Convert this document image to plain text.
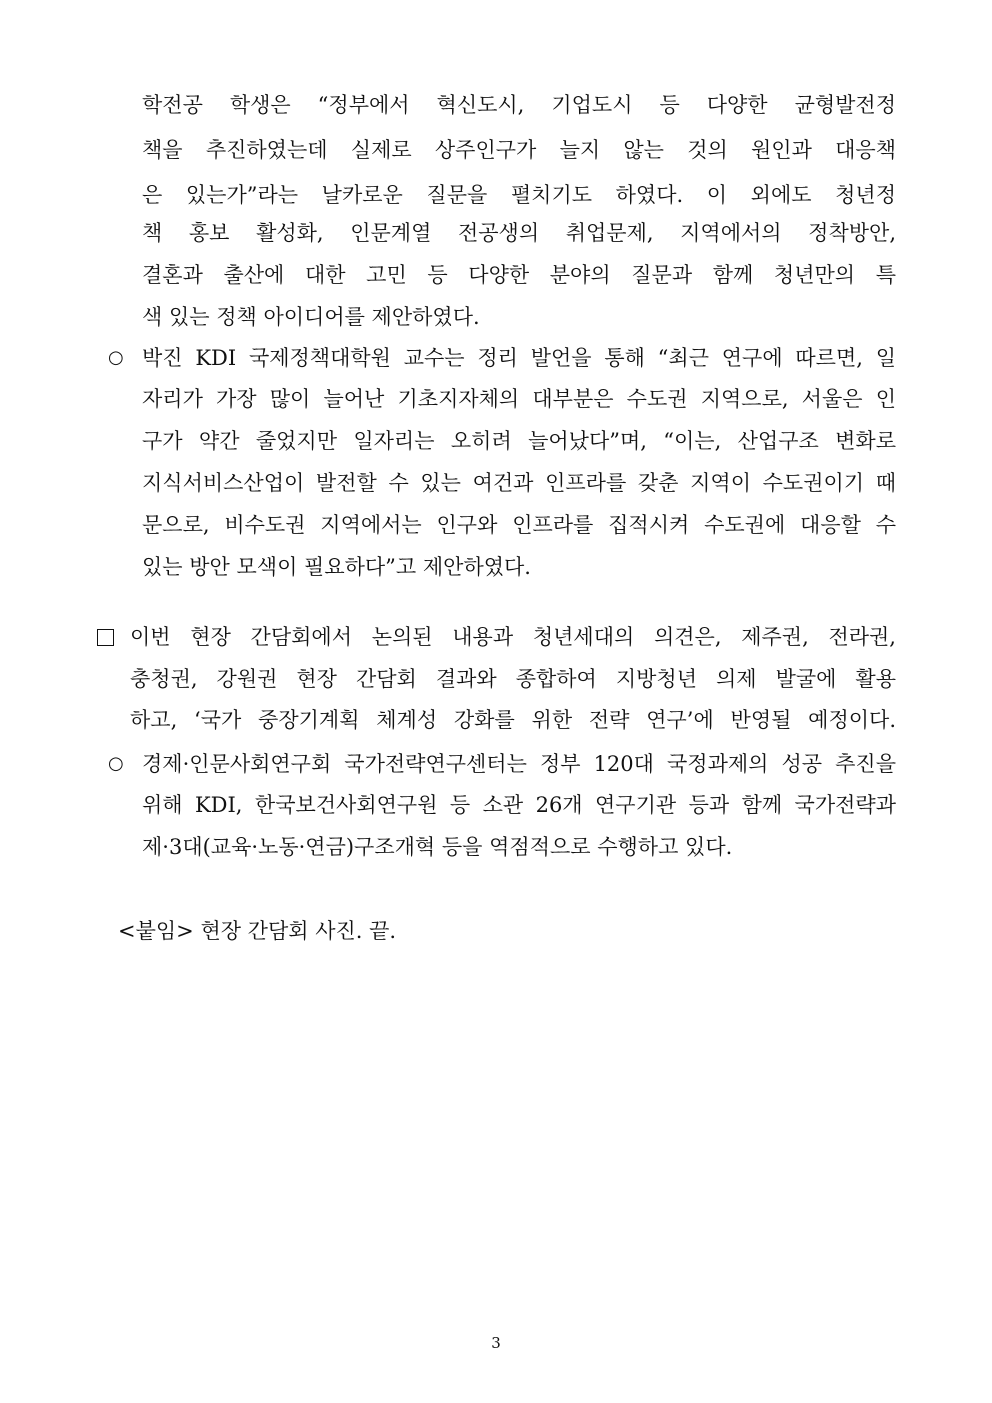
학전공 학생은 “정부에서 혁신도시, 기업도시 등 다양한 균형발전정
책을 추진하였는데 실제로 상주인구가 늘지 않는 것의 원인과 대응책
은 있는가”라는 날카로운 질문을 펼치기도 하였다. 이 외에도 청년정
책 홍보 활성화, 인문계열 전공생의 취업문제, 지역에서의 정착방안,
결혼과 출산에 대한 고민 등 다양한 분야의 질문과 함께 청년만의 특
색 있는 정책 아이디어를 제안하였다.
○ 박진 KDI 국제정책대학원 교수는 정리 발언을 통해 “최근 연구에 따르면, 일
자리가 가장 많이 늘어난 기초지자체의 대부분은 수도권 지역으로, 서울은 인
구가 약간 줄었지만 일자리는 오히려 늘어났다”며, “이는, 산업구조 변화로
지식서비스산업이 발전할 수 있는 여건과 인프라를 갖춘 지역이 수도권이기 때
문으로, 비수도권 지역에서는 인구와 인프라를 집적시켜 수도권에 대응할 수
있는 방안 모색이 필요하다”고 제안하였다.
이번 현장 간담회에서 논의된 내용과 청년세대의 의견은, 제주권, 전라권,
충청권, 강원권 현장 간담회 결과와 종합하여 지방청년 의제 발굴에 활용
하고, ‘국가 중장기계획 체계성 강화를 위한 전략 연구’에 반영될 예정이다.
○ 경제·인문사회연구회 국가전략연구센터는 정부 120대 국정과제의 성공 추진을
위해 KDI, 한국보건사회연구원 등 소관 26개 연구기관 등과 함께 국가전략과
제·3대(교육·노동·연금)구조개혁 등을 역점적으로 수행하고 있다.
<붙임> 현장 간담회 사진. 끝.
3
